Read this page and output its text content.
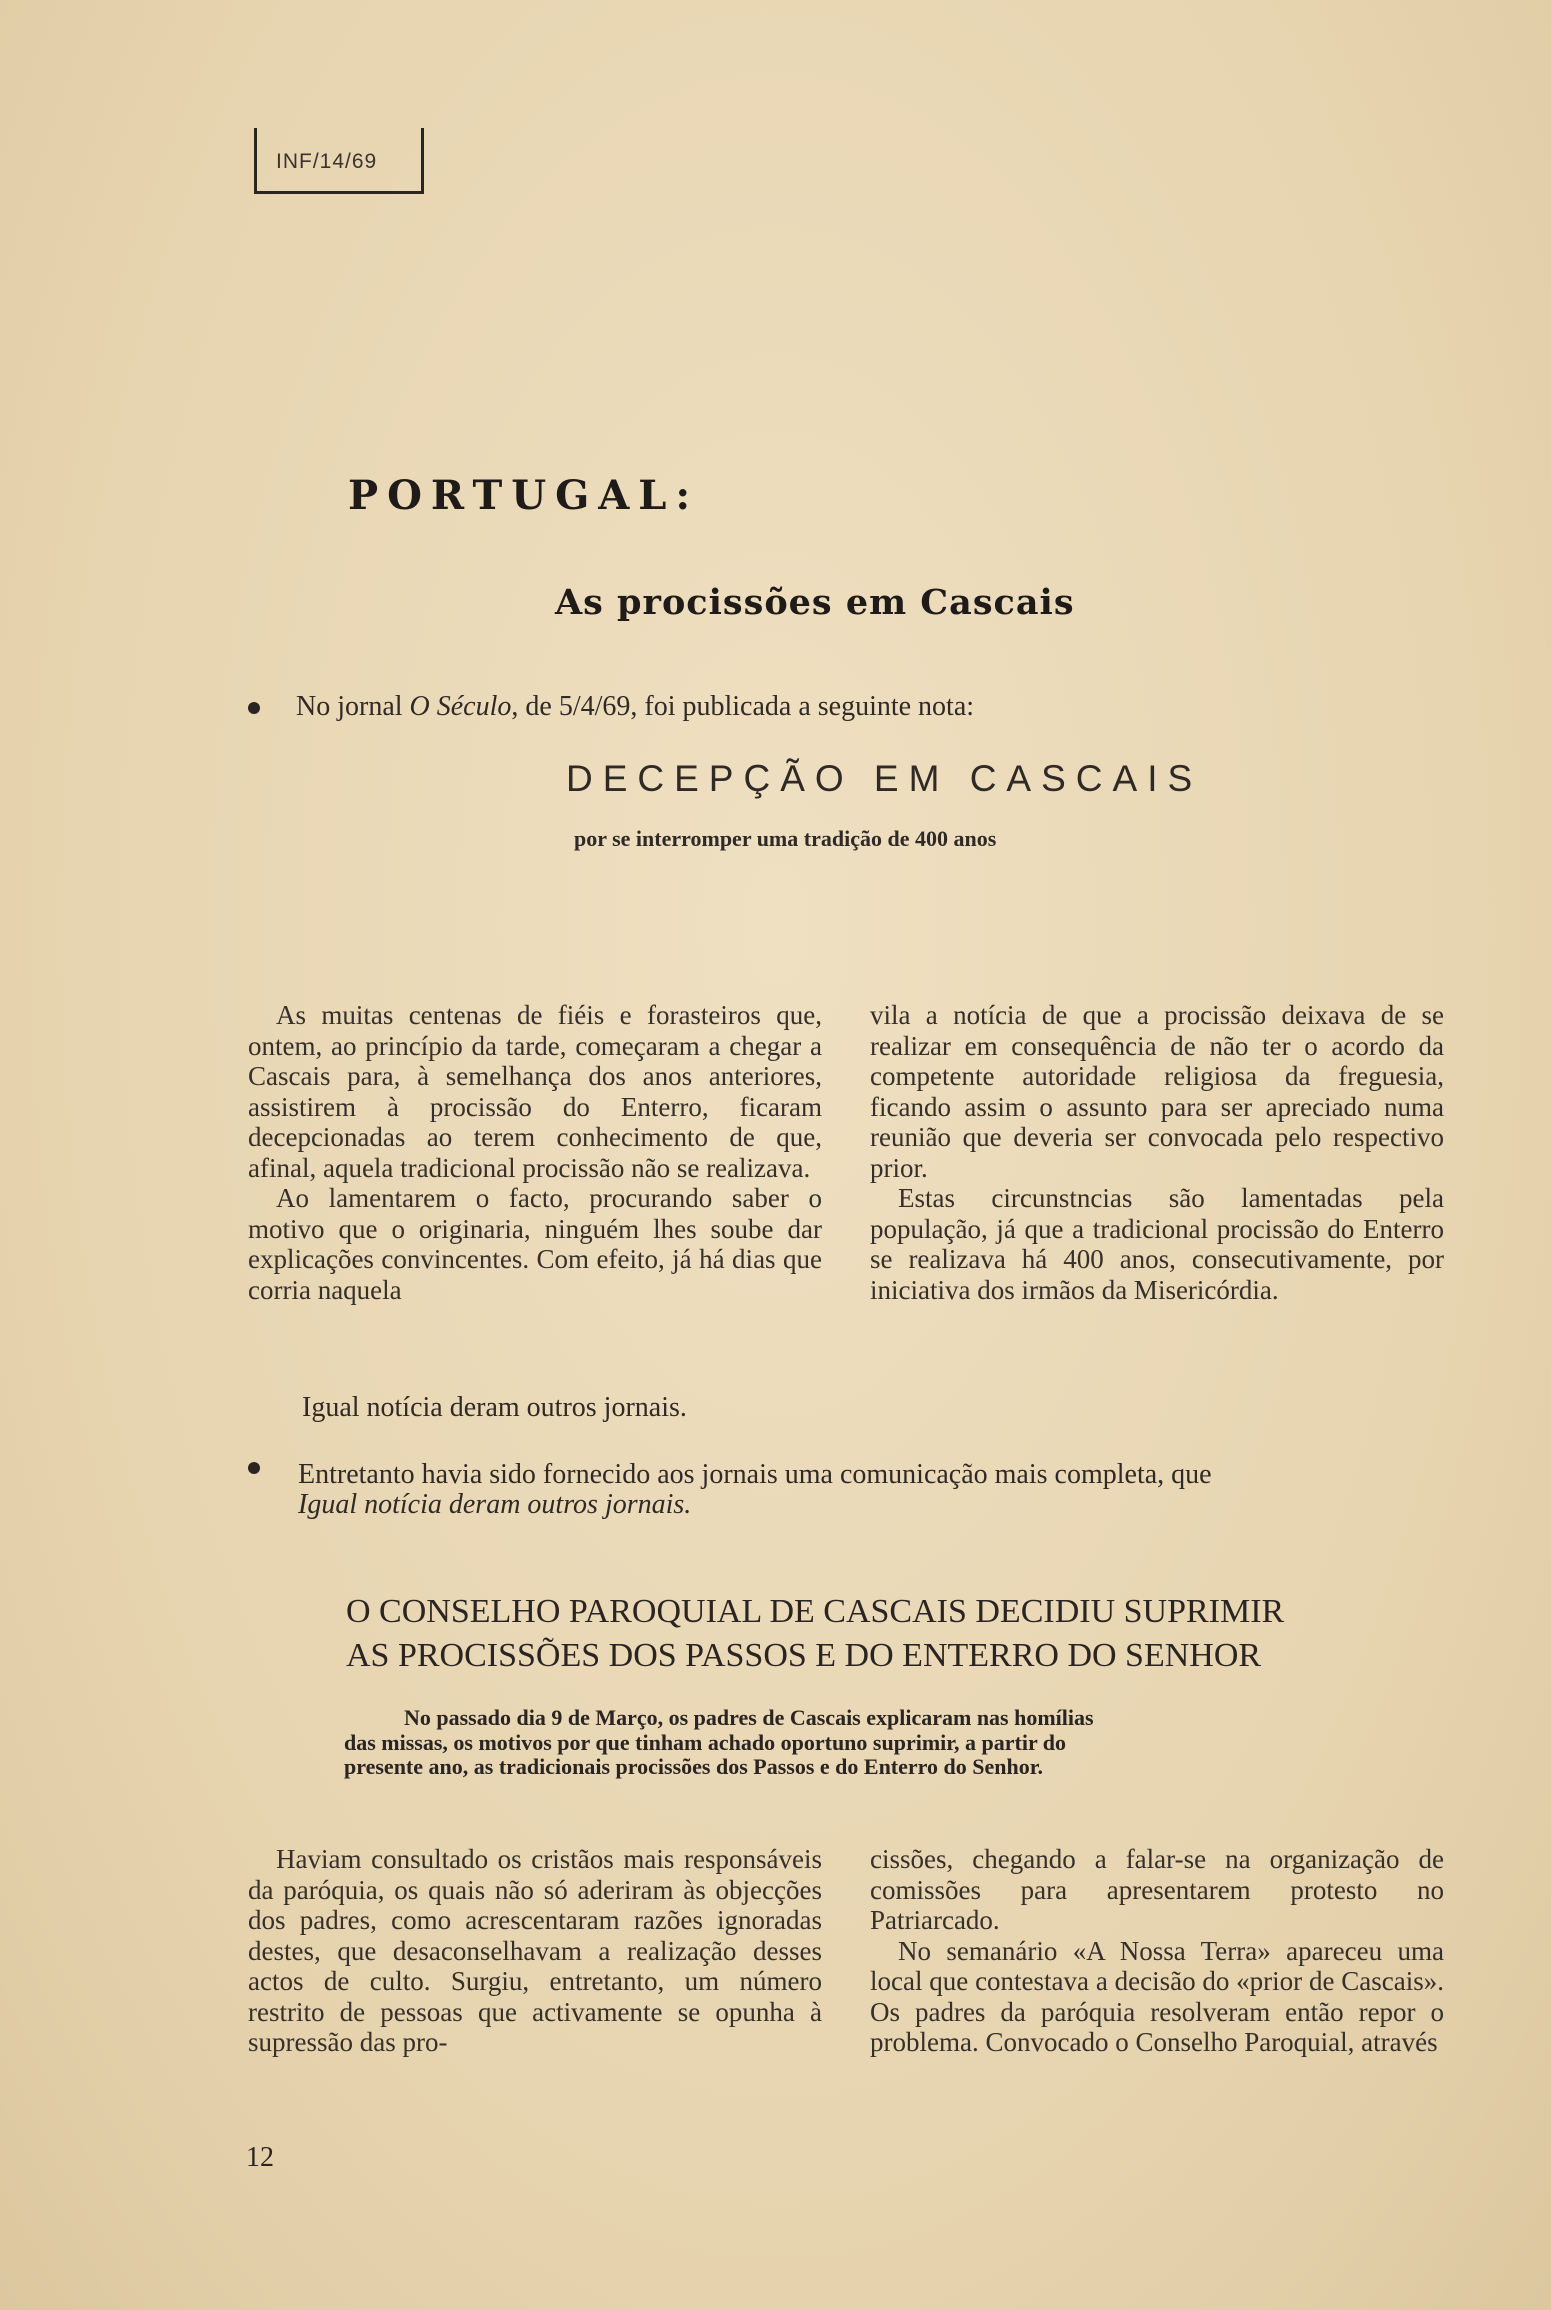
INF/14/69
PORTUGAL:
As procissões em Cascais
No jornal O Século, de 5/4/69, foi publicada a seguinte nota:
DECEPÇÃO EM CASCAIS
por se interromper uma tradição de 400 anos

As muitas centenas de fiéis e forasteiros que, ontem, ao princípio da tarde, começaram a chegar a Cascais para, à semelhança dos anos anteriores, assistirem à procissão do Enterro, ficaram decepcionadas ao terem conhecimento de que, afinal, aquela tradicional procissão não se realizava.

Ao lamentarem o facto, procurando saber o motivo que o originaria, ninguém lhes soube dar explicações convincentes. Com efeito, já há dias que corria naquela

vila a notícia de que a procissão deixava de se realizar em consequência de não ter o acordo da competente autoridade religiosa da freguesia, ficando assim o assunto para ser apreciado numa reunião que deveria ser convocada pelo respectivo prior.

Estas circunstncias são lamentadas pela população, já que a tradicional procissão do Enterro se realizava há 400 anos, consecutivamente, por iniciativa dos irmãos da Misericórdia.

Igual notícia deram outros jornais.
Entretanto havia sido fornecido aos jornais uma comunicação mais completa, que
Igual notícia deram outros jornais.
O CONSELHO PAROQUIAL DE CASCAIS DECIDIU SUPRIMIR
AS PROCISSÕES DOS PASSOS E DO ENTERRO DO SENHOR
No passado dia 9 de Março, os padres de Cascais explicaram nas homílias
das missas, os motivos por que tinham achado oportuno suprimir, a partir do
presente ano, as tradicionais procissões dos Passos e do Enterro do Senhor.

Haviam consultado os cristãos mais responsáveis da paróquia, os quais não só aderiram às objecções dos padres, como acrescentaram razões ignoradas destes, que desaconselhavam a realização desses actos de culto. Surgiu, entretanto, um número restrito de pessoas que activamente se opunha à supressão das pro-

cissões, chegando a falar-se na organização de comissões para apresentarem protesto no Patriarcado.

No semanário «A Nossa Terra» apareceu uma local que contestava a decisão do «prior de Cascais». Os padres da paróquia resolveram então repor o problema. Convocado o Conselho Paroquial, através

12
